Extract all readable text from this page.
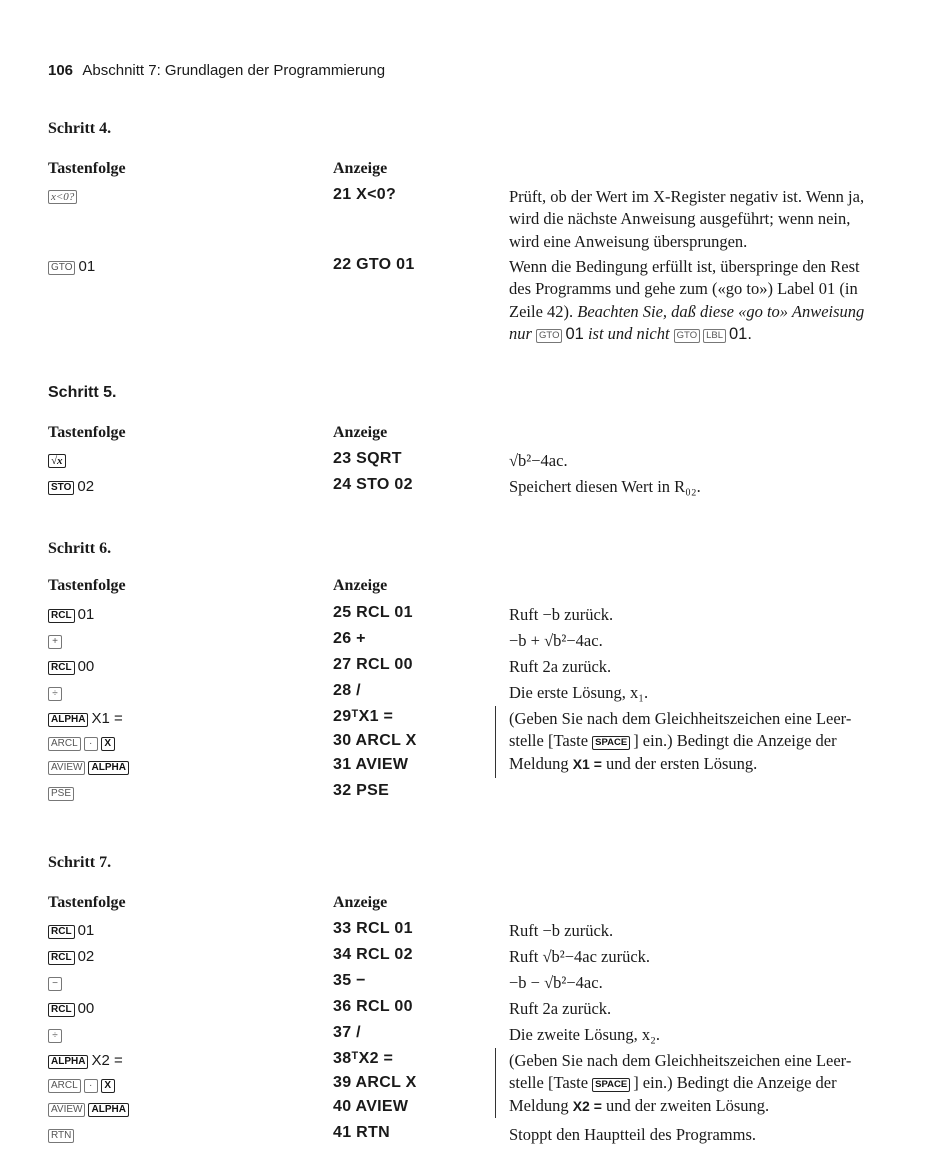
106 Abschnitt 7: Grundlagen der Programmierung
Schritt 4.
Tastenfolge	Anzeige
x<0?	21 X<0?	Prüft, ob der Wert im X-Register negativ ist. Wenn ja,
wird die nächste Anweisung ausgeführt; wenn nein,
wird eine Anweisung übersprungen.
GTO 01	22 GTO 01	Wenn die Bedingung erfüllt ist, überspringe den Rest
des Programms und gehe zum («go to») Label 01 (in
Zeile 42). Beachten Sie, daß diese «go to» Anweisung
nur GTO 01 ist und nicht GTO LBL 01.
Schritt 5.
Tastenfolge	Anzeige
√x	23 SQRT	√b²−4ac.
STO 02	24 STO 02	Speichert diesen Wert in R₀₂.
Schritt 6.
Tastenfolge	Anzeige
RCL 01	25 RCL 01	Ruft −b zurück.
+	26 +	−b + √b²−4ac.
RCL 00	27 RCL 00	Ruft 2a zurück.
÷	28 /	Die erste Lösung, x₁.
ALPHA X1 =	29ᵀX1 =
ARCL · X	30 ARCL X
AVIEW ALPHA	31 AVIEW
PSE	32 PSE
(Geben Sie nach dem Gleichheitszeichen eine Leer-
stelle [Taste SPACE ] ein.) Bedingt die Anzeige der
Meldung X1 = und der ersten Lösung.
Schritt 7.
Tastenfolge	Anzeige
RCL 01	33 RCL 01	Ruft −b zurück.
RCL 02	34 RCL 02	Ruft √b²−4ac zurück.
−	35 −	−b − √b²−4ac.
RCL 00	36 RCL 00	Ruft 2a zurück.
÷	37 /	Die zweite Lösung, x₂.
ALPHA X2 =	38ᵀX2 =
ARCL · X	39 ARCL X
AVIEW ALPHA	40 AVIEW
RTN	41 RTN	Stoppt den Hauptteil des Programms.
(Geben Sie nach dem Gleichheitszeichen eine Leer-
stelle [Taste SPACE ] ein.) Bedingt die Anzeige der
Meldung X2 = und der zweiten Lösung.
